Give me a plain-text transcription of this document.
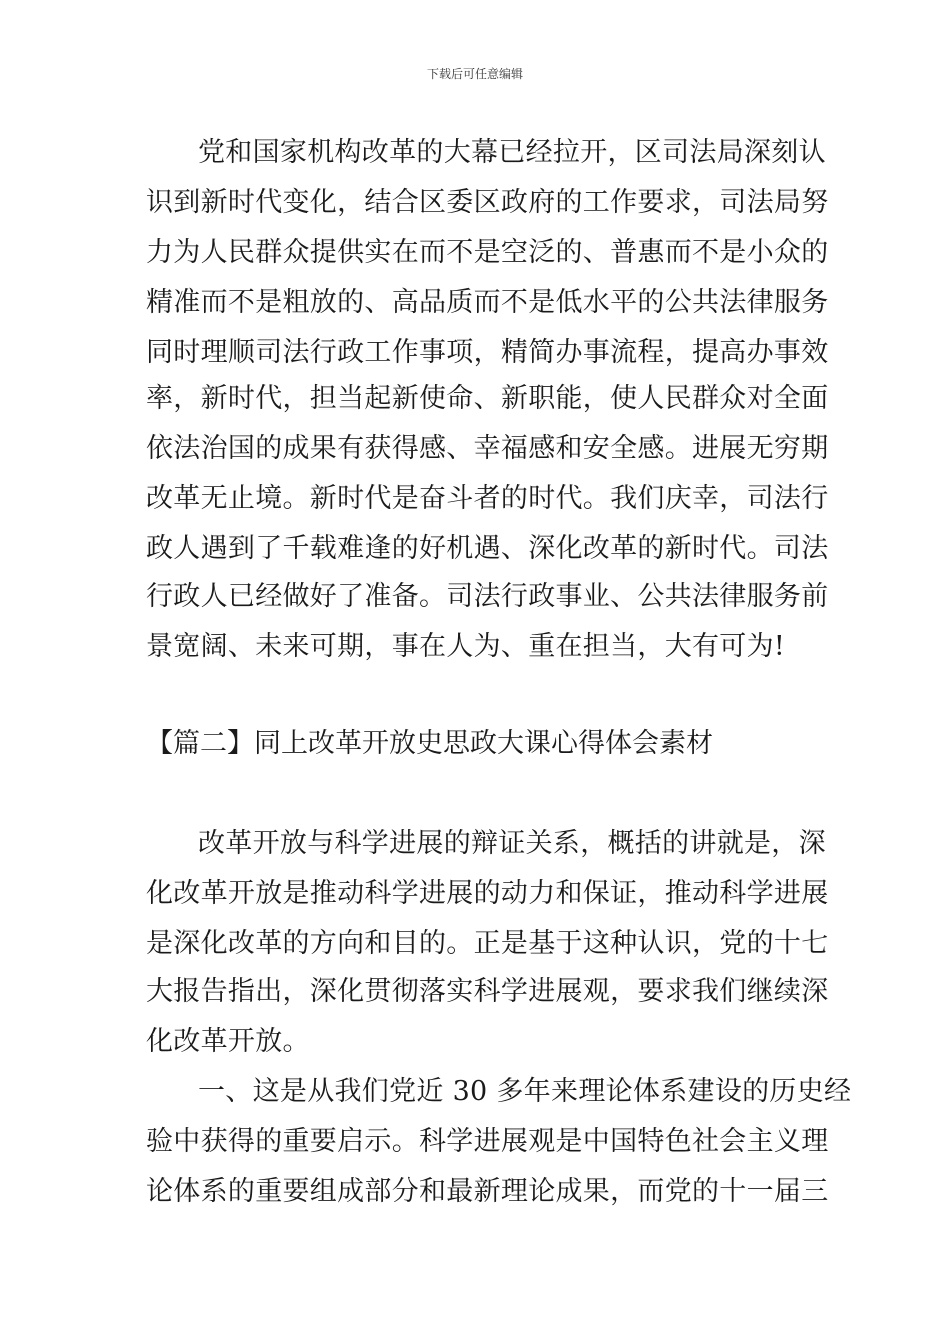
下载后可任意编辑
党和国家机构改革的大幕已经拉开，区司法局深刻认
识到新时代变化，结合区委区政府的工作要求，司法局努
力为人民群众提供实在而不是空泛的、普惠而不是小众的
精准而不是粗放的、高品质而不是低水平的公共法律服务
同时理顺司法行政工作事项，精简办事流程，提高办事效
率，新时代，担当起新使命、新职能，使人民群众对全面
依法治国的成果有获得感、幸福感和安全感。进展无穷期
改革无止境。新时代是奋斗者的时代。我们庆幸，司法行
政人遇到了千载难逢的好机遇、深化改革的新时代。司法
行政人已经做好了准备。司法行政事业、公共法律服务前
景宽阔、未来可期，事在人为、重在担当，大有可为!
【篇二】同上改革开放史思政大课心得体会素材
改革开放与科学进展的辩证关系，概括的讲就是，深
化改革开放是推动科学进展的动力和保证，推动科学进展
是深化改革的方向和目的。正是基于这种认识，党的十七
大报告指出，深化贯彻落实科学进展观，要求我们继续深
化改革开放。
一、这是从我们党近 30 多年来理论体系建设的历史经
验中获得的重要启示。科学进展观是中国特色社会主义理
论体系的重要组成部分和最新理论成果，而党的十一届三
